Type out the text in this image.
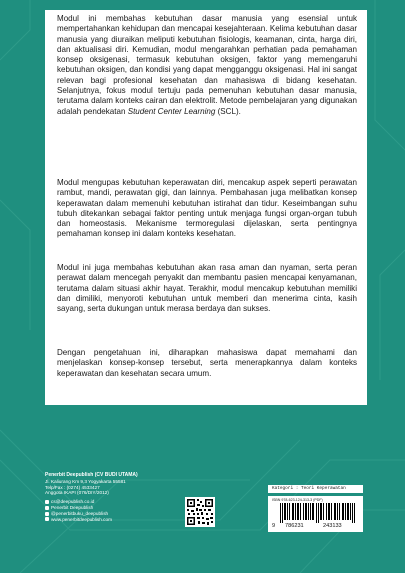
Modul ini membahas kebutuhan dasar manusia yang esensial untuk mempertahankan kehidupan dan mencapai kesejahteraan. Kelima kebutuhan dasar manusia yang diuraikan meliputi kebutuhan fisiologis, keamanan, cinta, harga diri, dan aktualisasi diri. Kemudian, modul mengarahkan perhatian pada pemahaman konsep oksigenasi, termasuk kebutuhan oksigen, faktor yang memengaruhi kebutuhan oksigen, dan kondisi yang dapat mengganggu oksigenasi. Hal ini sangat relevan bagi profesional kesehatan dan mahasiswa di bidang kesehatan. Selanjutnya, fokus modul tertuju pada pemenuhan kebutuhan dasar manusia, terutama dalam konteks cairan dan elektrolit. Metode pembelajaran yang digunakan adalah pendekatan Student Center Learning (SCL).

Modul mengupas kebutuhan keperawatan diri, mencakup aspek seperti perawatan rambut, mandi, perawatan gigi, dan lainnya. Pembahasan juga melibatkan konsep keperawatan dalam memenuhi kebutuhan istirahat dan tidur. Keseimbangan suhu tubuh ditekankan sebagai faktor penting untuk menjaga fungsi organ-organ tubuh dan homeostasis. Mekanisme termoregulasi dijelaskan, serta pentingnya pemahaman konsep ini dalam konteks kesehatan.

Modul ini juga membahas kebutuhan akan rasa aman dan nyaman, serta peran perawat dalam mencegah penyakit dan membantu pasien mencapai kenyamanan, terutama dalam situasi akhir hayat. Terakhir, modul mencakup kebutuhan memiliki dan dimiliki, menyoroti kebutuhan untuk memberi dan menerima cinta, kasih sayang, serta dukungan untuk merasa berdaya dan sukses.

Dengan pengetahuan ini, diharapkan mahasiswa dapat memahami dan menjelaskan konsep-konsep tersebut, serta menerapkannya dalam konteks keperawatan dan kesehatan secara umum.

Penerbit Deepublish (CV BUDI UTAMA)
Jl. Kaliurang Km 9,3 Yogyakarta 55581
Telp/Fax : (0274) 4533427
Anggota IKAPI (076/DIY/2012)
cs@deepublish.co.id
Penerbit Deepublish
@penerbitbuku_deepublish
www.penerbitdeepublish.com
Kategori : Teori Keperawatan
ISBN 978-623-124-313-3 (PDF)
9 786231	243133
